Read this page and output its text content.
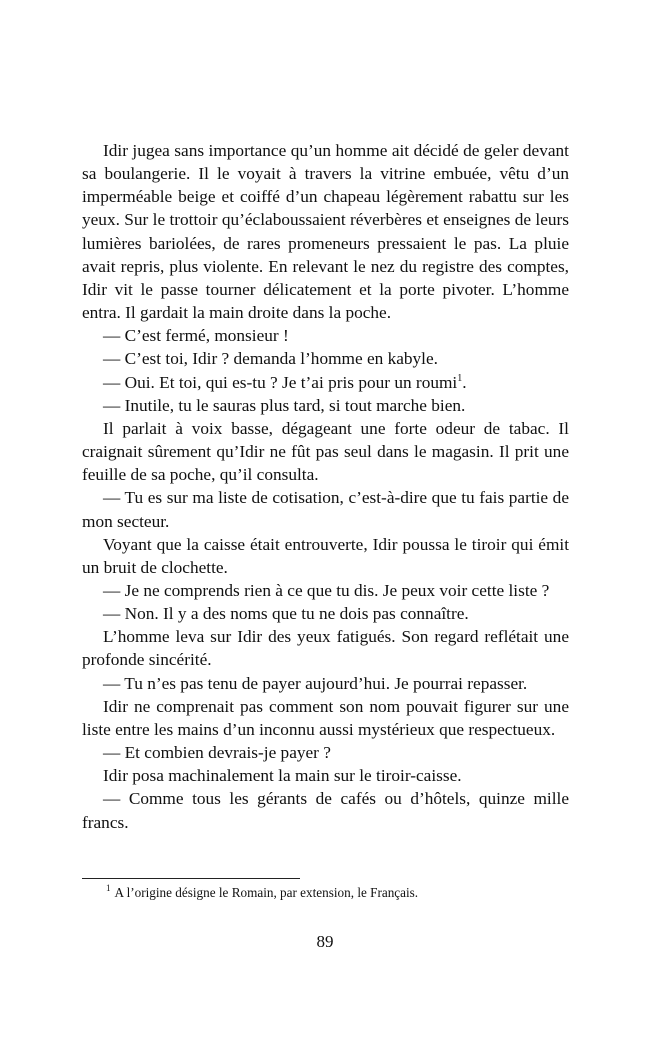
Idir jugea sans importance qu’un homme ait décidé de geler devant sa boulangerie. Il le voyait à travers la vitrine embuée, vêtu d’un imperméable beige et coiffé d’un chapeau légèrement rabattu sur les yeux. Sur le trottoir qu’éclaboussaient réverbères et enseignes de leurs lumières bariolées, de rares promeneurs pressaient le pas. La pluie avait repris, plus violente. En relevant le nez du registre des comptes, Idir vit le passe tourner délicatement et la porte pivoter. L’homme entra. Il gardait la main droite dans la poche.

— C’est fermé, monsieur !

— C’est toi, Idir ? demanda l’homme en kabyle.

— Oui. Et toi, qui es-tu ? Je t’ai pris pour un roumi$^1$.

— Inutile, tu le sauras plus tard, si tout marche bien.

Il parlait à voix basse, dégageant une forte odeur de tabac. Il craignait sûrement qu’Idir ne fût pas seul dans le magasin. Il prit une feuille de sa poche, qu’il consulta.

— Tu es sur ma liste de cotisation, c’est-à-dire que tu fais partie de mon secteur.

Voyant que la caisse était entrouverte, Idir poussa le tiroir qui émit un bruit de clochette.

— Je ne comprends rien à ce que tu dis. Je peux voir cette liste ?

— Non. Il y a des noms que tu ne dois pas connaître.

L’homme leva sur Idir des yeux fatigués. Son regard reflétait une profonde sincérité.

— Tu n’es pas tenu de payer aujourd’hui. Je pourrai repasser.

Idir ne comprenait pas comment son nom pouvait figurer sur une liste entre les mains d’un inconnu aussi mystérieux que respectueux.

— Et combien devrais-je payer ?

Idir posa machinalement la main sur le tiroir-caisse.

— Comme tous les gérants de cafés ou d’hôtels, quinze mille francs.

$^1$ A l’origine désigne le Romain, par extension, le Français.
89
